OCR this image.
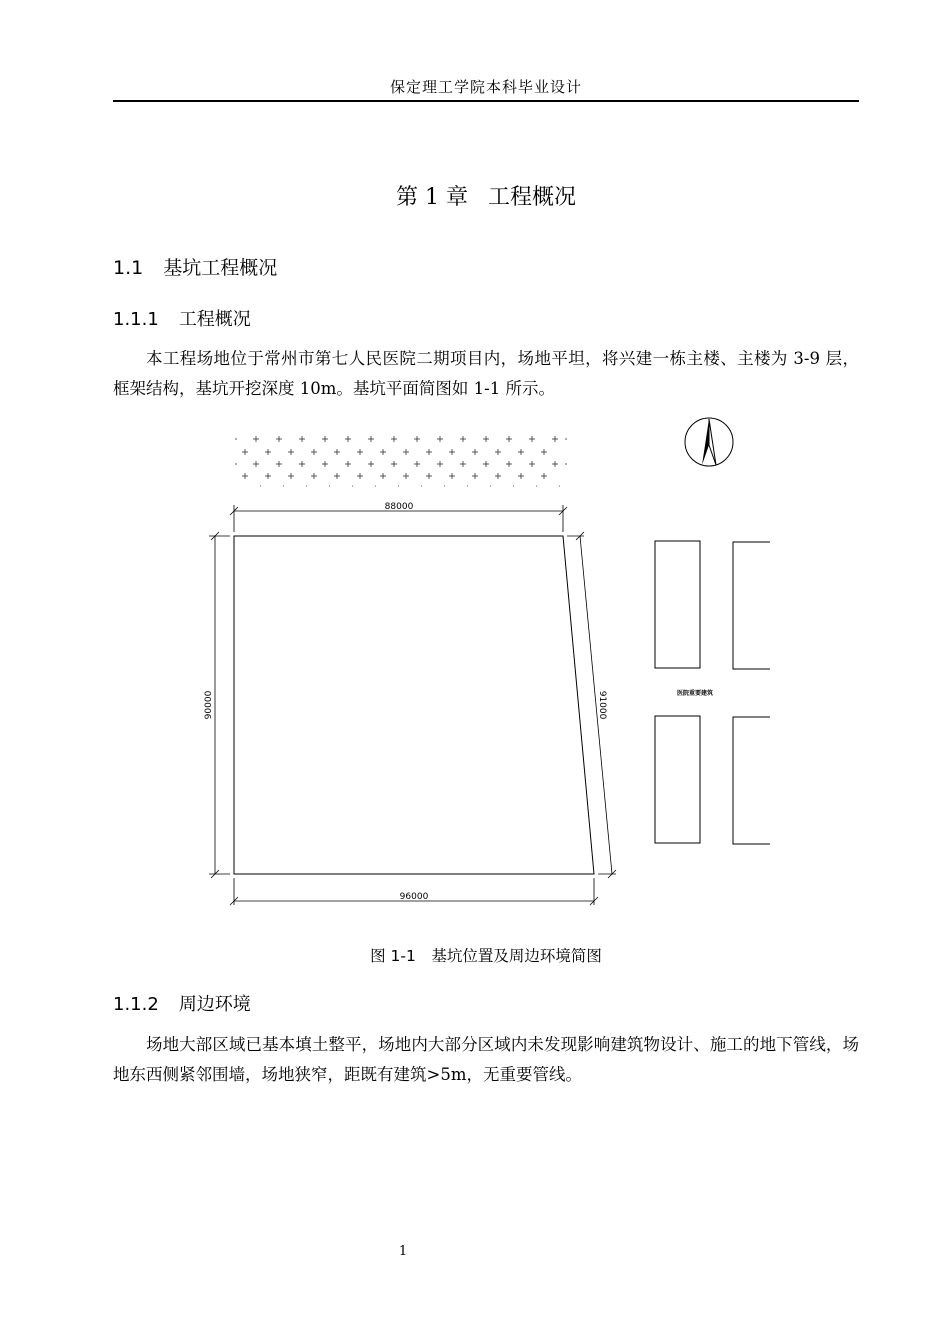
保定理工学院本科毕业设计
第 1 章 工程概况
1.1 基坑工程概况
1.1.1 工程概况
本工程场地位于常州市第七人民医院二期项目内，场地平坦，将兴建一栋主楼、主楼为 3-9 层，框架结构，基坑开挖深度 10m。基坑平面简图如 1-1 所示。
88000
96000
90000	91000	医院重要建筑
图 1-1　基坑位置及周边环境简图
1.1.2 周边环境
场地大部区域已基本填土整平，场地内大部分区域内未发现影响建筑物设计、施工的地下管线，场地东西侧紧邻围墙，场地狭窄，距既有建筑>5m，无重要管线。
1
